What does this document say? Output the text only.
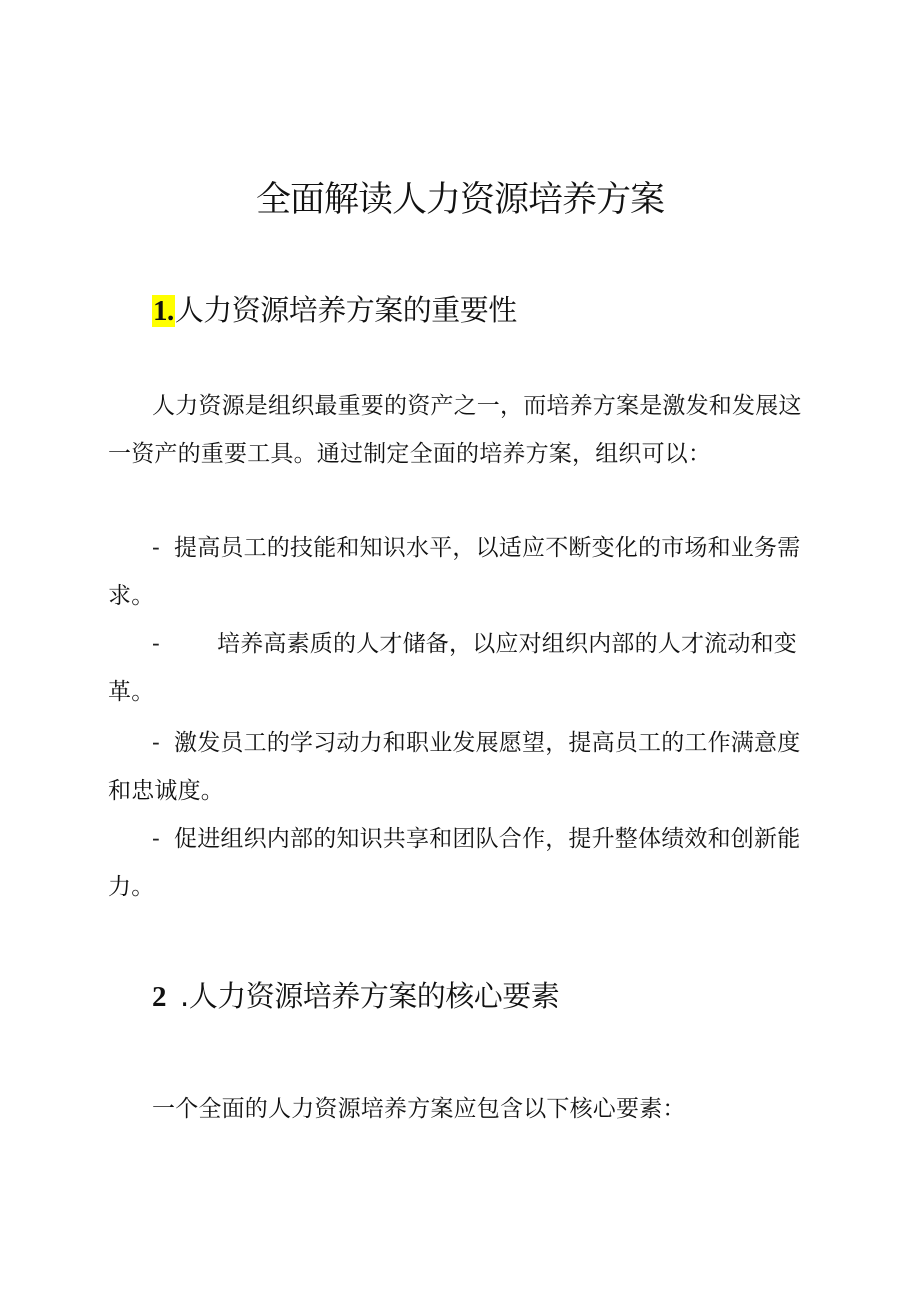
全面解读人力资源培养方案
1.人力资源培养方案的重要性

人力资源是组织最重要的资产之一，而培养方案是激发和发展这一资产的重要工具。通过制定全面的培养方案，组织可以：

- 提高员工的技能和知识水平，以适应不断变化的市场和业务需求。

- 培养高素质的人才储备，以应对组织内部的人才流动和变革。

- 激发员工的学习动力和职业发展愿望，提高员工的工作满意度和忠诚度。

- 促进组织内部的知识共享和团队合作，提升整体绩效和创新能力。

2 .人力资源培养方案的核心要素

一个全面的人力资源培养方案应包含以下核心要素：
